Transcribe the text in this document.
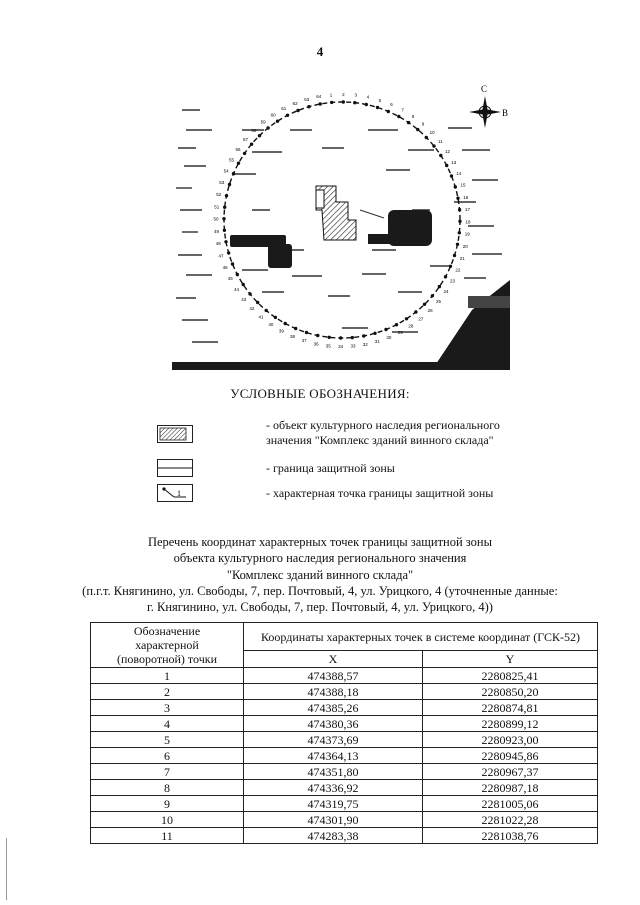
4
1 2 3 4
5
6
7
8
9
10
11
12
13
14
15
16
17
18
19
20
21
22
23
24
25
26
27
28
29
30
31
32
33
34
35
36
37
38
39
40
41
42
43
44
45
46
47
48
49
50
51
52
53
54
55
56
57
58
59
60
61
62
63
64
С
В
УСЛОВНЫЕ ОБОЗНАЧЕНИЯ:
- объект культурного наследия регионального
значения "Комплекс зданий винного склада"
- граница защитной зоны
1	- характерная точка границы защитной зоны
Перечень координат характерных точек границы защитной зоны
объекта культурного наследия регионального значения
"Комплекс зданий винного склада"
(п.г.т. Княгинино, ул. Свободы, 7, пер. Почтовый, 4, ул. Урицкого, 4 (уточненные данные:
г. Княгинино, ул. Свободы, 7, пер. Почтовый, 4, ул. Урицкого, 4))
Обозначение
характерной
(поворотной) точки	Координаты характерных точек в системе координат (ГСК-52)	
	X	Y
1	474388,57	2280825,41
2	474388,18	2280850,20
3	474385,26	2280874,81
4	474380,36	2280899,12
5	474373,69	2280923,00
6	474364,13	2280945,86
7	474351,80	2280967,37
8	474336,92	2280987,18
9	474319,75	2281005,06
10	474301,90	2281022,28
11	474283,38	2281038,76
